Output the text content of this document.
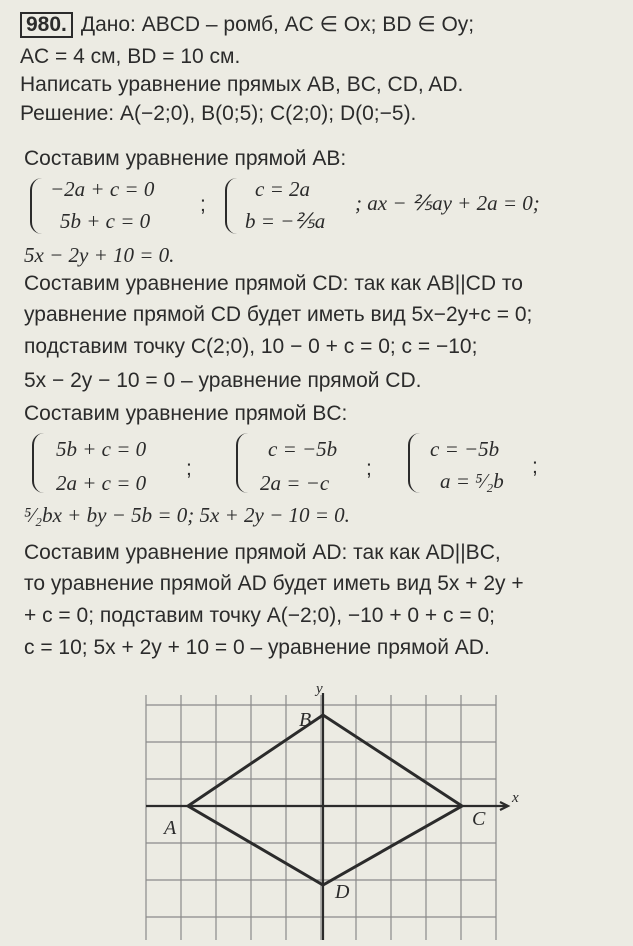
980. Дано: ABCD – ромб, AC ∈ Ox; BD ∈ Oy;
AC = 4 см, BD = 10 см.
Написать уравнение прямых AB, BC, CD, AD.
Решение: A(−2;0), B(0;5); C(2;0); D(0;−5).
Составим уравнение прямой AB:
−2a + c = 0
5b + c = 0
;
c = 2a
b = −⅖a
; ax − ⅖ay + 2a = 0;
5x − 2y + 10 = 0.
Составим уравнение прямой CD: так как AB||CD то
уравнение прямой CD будет иметь вид 5x−2y+c = 0;
подставим точку C(2;0), 10 − 0 + c = 0; c = −10;
5x − 2y − 10 = 0 – уравнение прямой CD.
Составим уравнение прямой BC:
5b + c = 0
2a + c = 0
;
c = −5b
2a = −c
;
c = −5b
a = ⁵⁄₂b
;
⁵⁄₂bx + by − 5b = 0; 5x + 2y − 10 = 0.
Составим уравнение прямой AD: так как AD||BC,
то уравнение прямой AD будет иметь вид 5x + 2y +
+ c = 0; подставим точку A(−2;0), −10 + 0 + c = 0;
c = 10; 5x + 2y + 10 = 0 – уравнение прямой AD.
x
y
A
B
C
D
